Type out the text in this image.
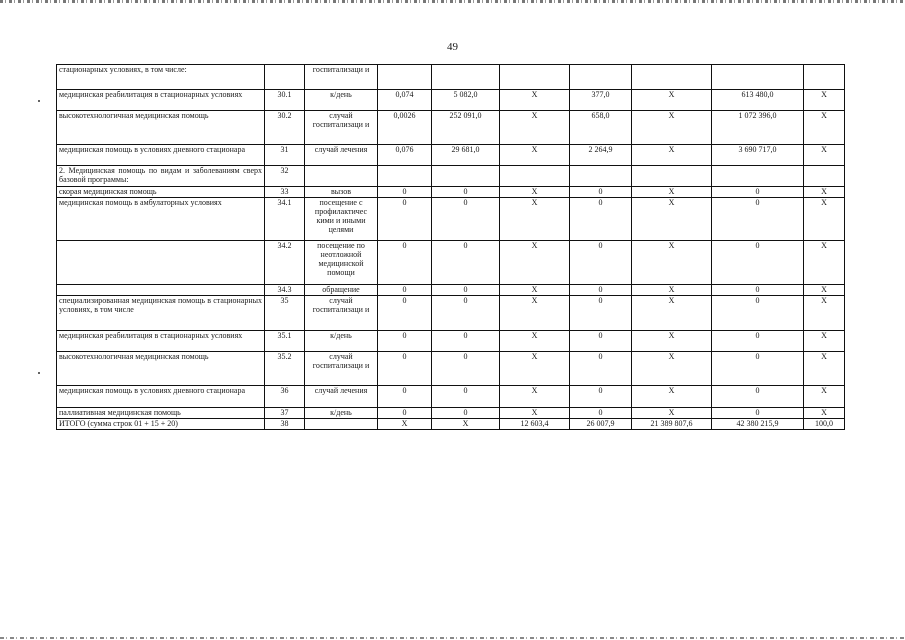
49
стационарных условиях, в том числе:		госпитализаци и							
медицинская реабилитация в стационарных условиях	30.1	к/день	0,074	5 082,0	Х	377,0	Х	613 480,0	Х
высокотехнологичная медицинская помощь	30.2	случай госпитализаци и	0,0026	252 091,0	Х	658,0	Х	1 072 396,0	Х
медицинская помощь в условиях дневного стационара	31	случай лечения	0,076	29 681,0	Х	2 264,9	Х	3 690 717,0	Х
2. Медицинская помощь по видам и заболеваниям сверх базовой программы:	32								
скорая медицинская помощь	33	вызов	0	0	Х	0	Х	0	Х
медицинская помощь в амбулаторных условиях	34.1	посещение с профилактичес кими и иными целями	0	0	Х	0	Х	0	Х
	34.2	посещение по неотложной медицинской помощи	0	0	Х	0	Х	0	Х
	34.3	обращение	0	0	Х	0	Х	0	Х
специализированная медицинская помощь в стационарных условиях, в том числе	35	случай госпитализаци и	0	0	Х	0	Х	0	Х
медицинская реабилитация в стационарных условиях	35.1	к/день	0	0	Х	0	Х	0	Х
высокотехнологичная медицинская помощь	35.2	случай госпитализаци и	0	0	Х	0	Х	0	Х
медицинская помощь в условиях дневного стационара	36	случай лечения	0	0	Х	0	Х	0	Х
паллиативная медицинская помощь	37	к/день	0	0	Х	0	Х	0	Х
ИТОГО (сумма строк 01 + 15 + 20)	38		Х	Х	12 603,4	26 007,9	21 389 807,6	42 380 215,9	100,0
